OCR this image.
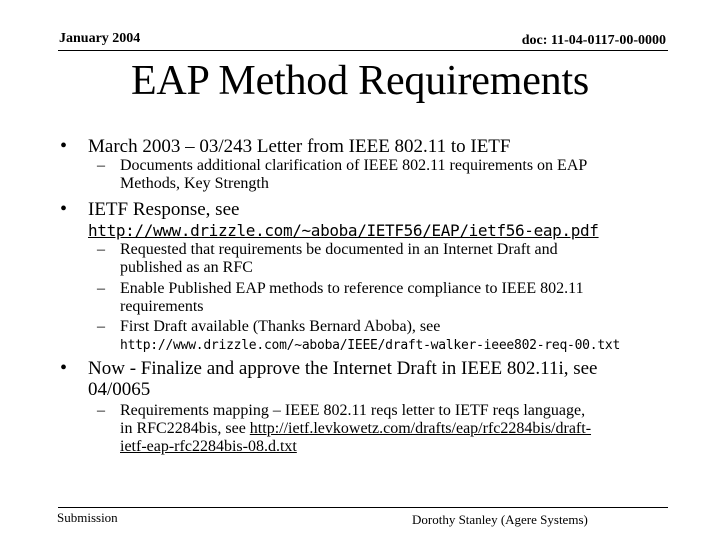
January 2004	doc: 11-04-0117-00-0000
EAP Method Requirements
• March 2003 – 03/243 Letter from IEEE 802.11 to IETF
– Documents additional clarification of IEEE 802.11 requirements on EAP
Methods, Key Strength
• IETF Response, see
http://www.drizzle.com/~aboba/IETF56/EAP/ietf56-eap.pdf
– Requested that requirements be documented in an Internet Draft and
published as an RFC
– Enable Published EAP methods to reference compliance to IEEE 802.11
requirements
– First Draft available (Thanks Bernard Aboba), see
http://www.drizzle.com/~aboba/IEEE/draft-walker-ieee802-req-00.txt
• Now - Finalize and approve the Internet Draft in IEEE 802.11i, see
04/0065
– Requirements mapping – IEEE 802.11 reqs letter to IETF reqs language,
in RFC2284bis, see http://ietf.levkowetz.com/drafts/eap/rfc2284bis/draft-
ietf-eap-rfc2284bis-08.d.txt
Submission	Dorothy Stanley (Agere Systems)
